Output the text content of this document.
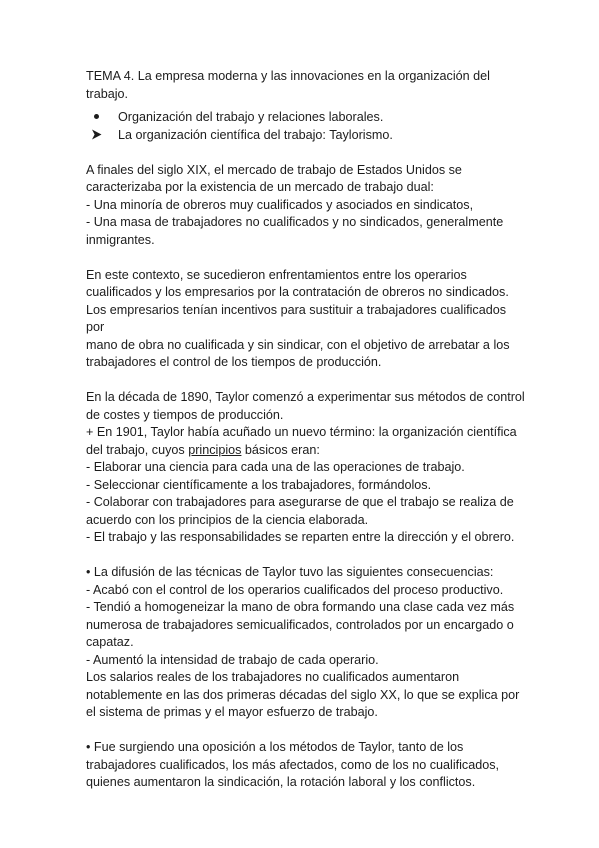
TEMA 4. La empresa moderna y las innovaciones en la organización del
trabajo.

Organización del trabajo y relaciones laborales.
La organización científica del trabajo: Taylorismo.

A finales del siglo XIX, el mercado de trabajo de Estados Unidos se
caracterizaba por la existencia de un mercado de trabajo dual:
- Una minoría de obreros muy cualificados y asociados en sindicatos,
- Una masa de trabajadores no cualificados y no sindicados, generalmente
inmigrantes.

En este contexto, se sucedieron enfrentamientos entre los operarios
cualificados y los empresarios por la contratación de obreros no sindicados.
Los empresarios tenían incentivos para sustituir a trabajadores cualificados por
mano de obra no cualificada y sin sindicar, con el objetivo de arrebatar a los
trabajadores el control de los tiempos de producción.

En la década de 1890, Taylor comenzó a experimentar sus métodos de control
de costes y tiempos de producción.
+ En 1901, Taylor había acuñado un nuevo término: la organización científica
del trabajo, cuyos principios básicos eran:
- Elaborar una ciencia para cada una de las operaciones de trabajo.
- Seleccionar científicamente a los trabajadores, formándolos.
- Colaborar con trabajadores para asegurarse de que el trabajo se realiza de
acuerdo con los principios de la ciencia elaborada.
- El trabajo y las responsabilidades se reparten entre la dirección y el obrero.

• La difusión de las técnicas de Taylor tuvo las siguientes consecuencias:
- Acabó con el control de los operarios cualificados del proceso productivo.
- Tendió a homogeneizar la mano de obra formando una clase cada vez más
numerosa de trabajadores semicualificados, controlados por un encargado o
capataz.
- Aumentó la intensidad de trabajo de cada operario.
Los salarios reales de los trabajadores no cualificados aumentaron
notablemente en las dos primeras décadas del siglo XX, lo que se explica por
el sistema de primas y el mayor esfuerzo de trabajo.

• Fue surgiendo una oposición a los métodos de Taylor, tanto de los
trabajadores cualificados, los más afectados, como de los no cualificados,
quienes aumentaron la sindicación, la rotación laboral y los conflictos.
